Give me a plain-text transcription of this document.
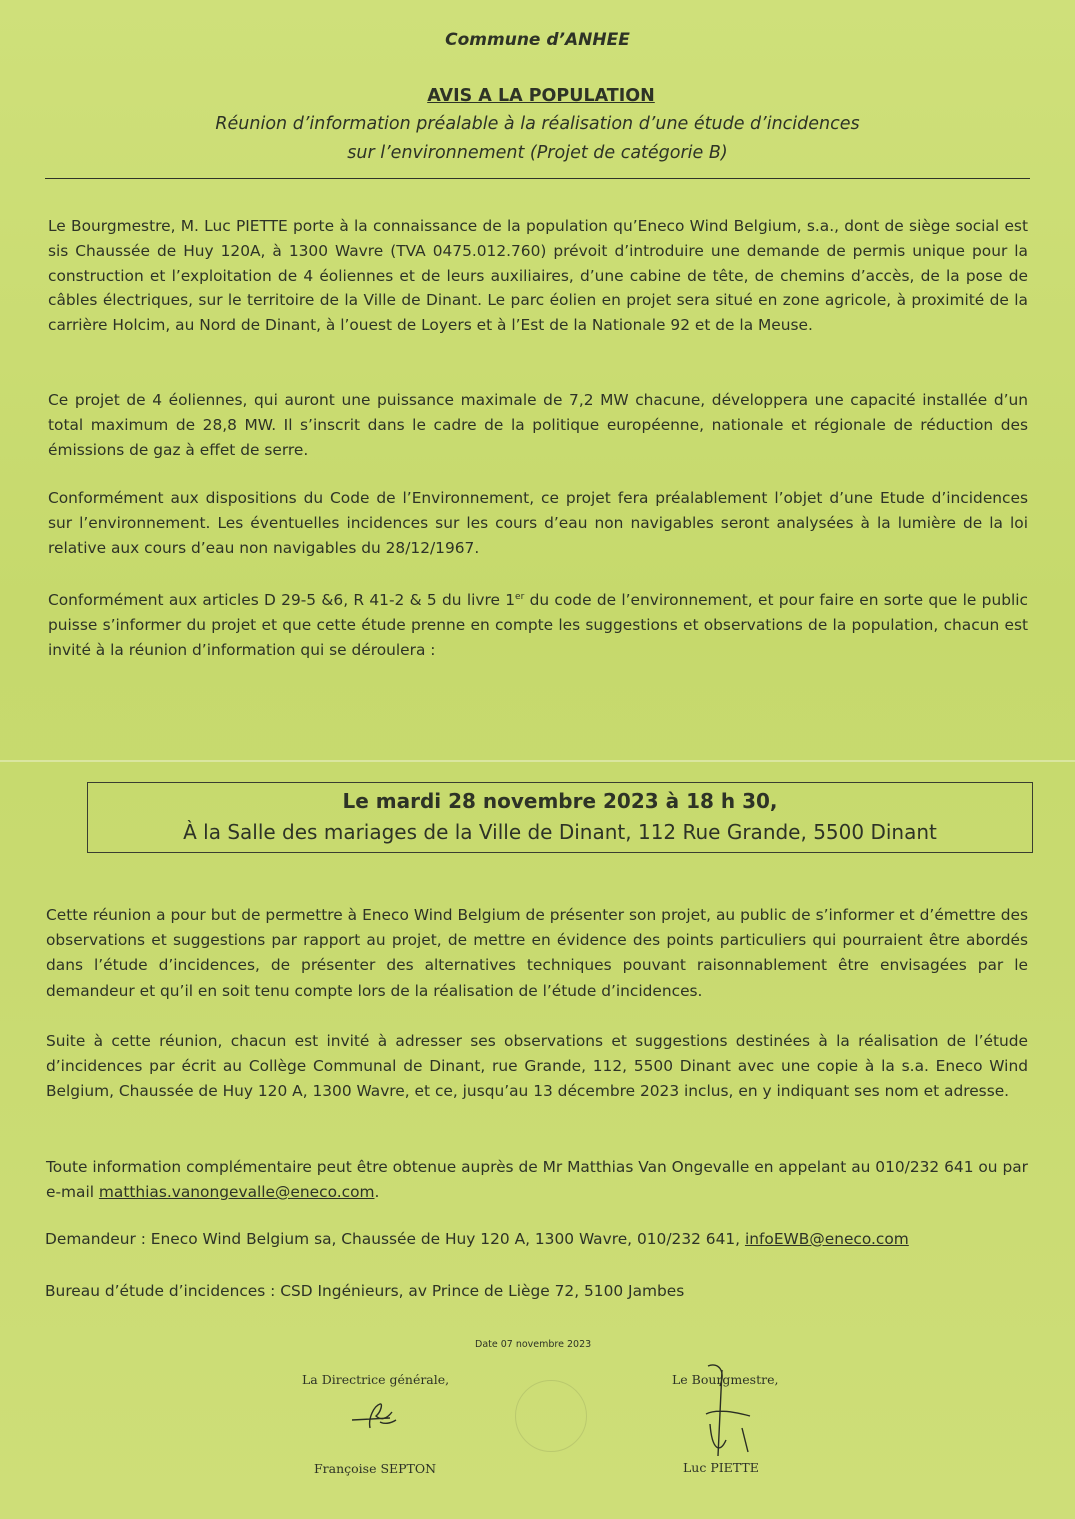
Commune d’ANHEE
AVIS A LA POPULATION
Réunion d’information préalable à la réalisation d’une étude d’incidences
sur l’environnement (Projet de catégorie B)

Le Bourgmestre, M. Luc PIETTE porte à la connaissance de la population qu’Eneco Wind Belgium, s.a., dont de siège social est sis Chaussée de Huy 120A, à 1300 Wavre (TVA 0475.012.760) prévoit d’introduire une demande de permis unique pour la construction et l’exploitation de 4 éoliennes et de leurs auxiliaires, d’une cabine de tête, de chemins d’accès, de la pose de câbles électriques, sur le territoire de la Ville de Dinant. Le parc éolien en projet sera situé en zone agricole, à proximité de la carrière Holcim, au Nord de Dinant, à l’ouest de Loyers et à l’Est de la Nationale 92 et de la Meuse.

Ce projet de 4 éoliennes, qui auront une puissance maximale de 7,2 MW chacune, développera une capacité installée d’un total maximum de 28,8 MW. Il s’inscrit dans le cadre de la politique européenne, nationale et régionale de réduction des émissions de gaz à effet de serre.

Conformément aux dispositions du Code de l’Environnement, ce projet fera préalablement l’objet d’une Etude d’incidences sur l’environnement. Les éventuelles incidences sur les cours d’eau non navigables seront analysées à la lumière de la loi relative aux cours d’eau non navigables du 28/12/1967.

Conformément aux articles D 29-5 &6, R 41-2 & 5 du livre 1er du code de l’environnement, et pour faire en sorte que le public puisse s’informer du projet et que cette étude prenne en compte les suggestions et observations de la population, chacun est invité à la réunion d’information qui se déroulera :

Le mardi 28 novembre 2023 à 18 h 30,
À la Salle des mariages de la Ville de Dinant, 112 Rue Grande, 5500 Dinant

Cette réunion a pour but de permettre à Eneco Wind Belgium de présenter son projet, au public de s’informer et d’émettre des observations et suggestions par rapport au projet, de mettre en évidence des points particuliers qui pourraient être abordés dans l’étude d’incidences, de présenter des alternatives techniques pouvant raisonnablement être envisagées par le demandeur et qu’il en soit tenu compte lors de la réalisation de l’étude d’incidences.

Suite à cette réunion, chacun est invité à adresser ses observations et suggestions destinées à la réalisation de l’étude d’incidences par écrit au Collège Communal de Dinant, rue Grande, 112, 5500 Dinant avec une copie à la s.a. Eneco Wind Belgium, Chaussée de Huy 120 A, 1300 Wavre, et ce, jusqu’au 13 décembre 2023 inclus, en y indiquant ses nom et adresse.

Toute information complémentaire peut être obtenue auprès de Mr Matthias Van Ongevalle en appelant au 010/232 641 ou par e-mail matthias.vanongevalle@eneco.com.

Demandeur : Eneco Wind Belgium sa, Chaussée de Huy 120 A, 1300 Wavre, 010/232 641, infoEWB@eneco.com
Bureau d’étude d’incidences : CSD Ingénieurs, av Prince de Liège 72, 5100 Jambes
Date 07 novembre 2023
La Directrice générale,	Le Bourgmestre,
Françoise SEPTON	Luc PIETTE
